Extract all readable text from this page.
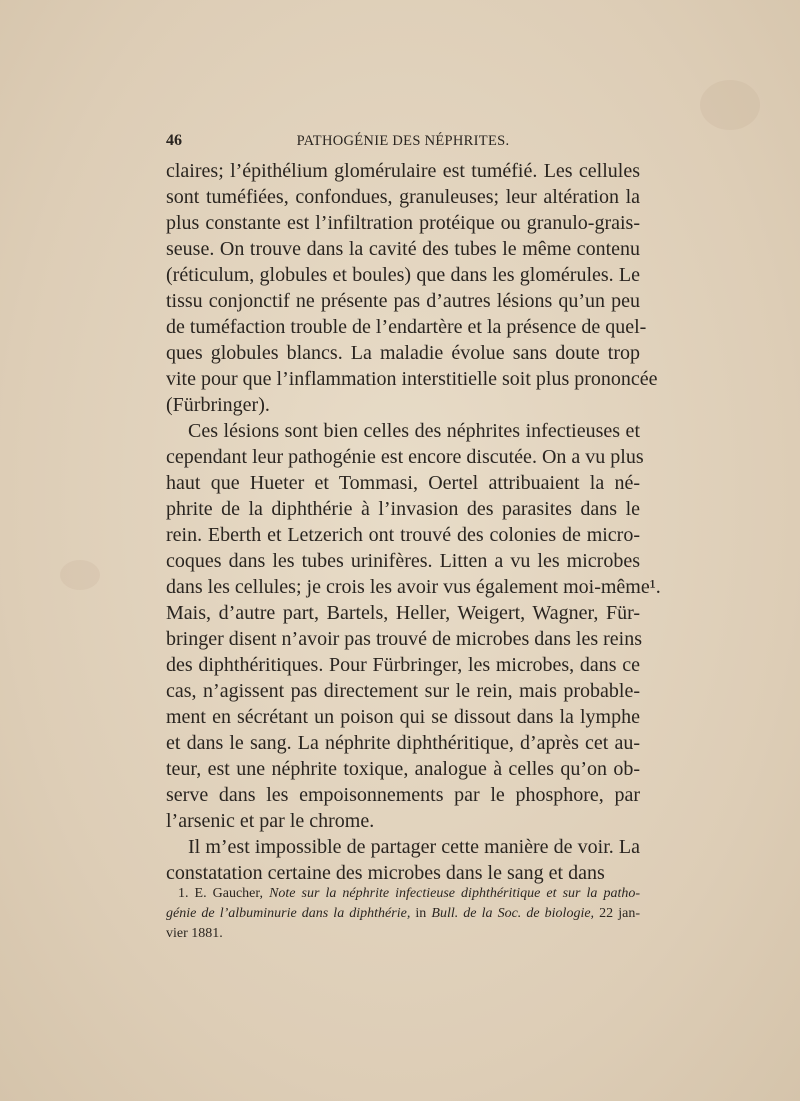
46	PATHOGÉNIE DES NÉPHRITES.
claires; l’épithélium glomérulaire est tuméfié. Les cellules
sont tuméfiées, confondues, granuleuses; leur altération la
plus constante est l’infiltration protéique ou granulo-grais-
seuse. On trouve dans la cavité des tubes le même contenu
(réticulum, globules et boules) que dans les glomérules. Le
tissu conjonctif ne présente pas d’autres lésions qu’un peu
de tuméfaction trouble de l’endartère et la présence de quel-
ques globules blancs. La maladie évolue sans doute trop
vite pour que l’inflammation interstitielle soit plus prononcée
(Fürbringer).
Ces lésions sont bien celles des néphrites infectieuses et
cependant leur pathogénie est encore discutée. On a vu plus
haut que Hueter et Tommasi, Oertel attribuaient la né-
phrite de la diphthérie à l’invasion des parasites dans le
rein. Eberth et Letzerich ont trouvé des colonies de micro-
coques dans les tubes urinifères. Litten a vu les microbes
dans les cellules; je crois les avoir vus également moi-même¹.
Mais, d’autre part, Bartels, Heller, Weigert, Wagner, Für-
bringer disent n’avoir pas trouvé de microbes dans les reins
des diphthéritiques. Pour Fürbringer, les microbes, dans ce
cas, n’agissent pas directement sur le rein, mais probable-
ment en sécrétant un poison qui se dissout dans la lymphe
et dans le sang. La néphrite diphthéritique, d’après cet au-
teur, est une néphrite toxique, analogue à celles qu’on ob-
serve dans les empoisonnements par le phosphore, par
l’arsenic et par le chrome.
Il m’est impossible de partager cette manière de voir. La
constatation certaine des microbes dans le sang et dans
1. E. Gaucher, Note sur la néphrite infectieuse diphthéritique et sur la patho-
génie de l’albuminurie dans la diphthérie, in Bull. de la Soc. de biologie, 22 jan-
vier 1881.
